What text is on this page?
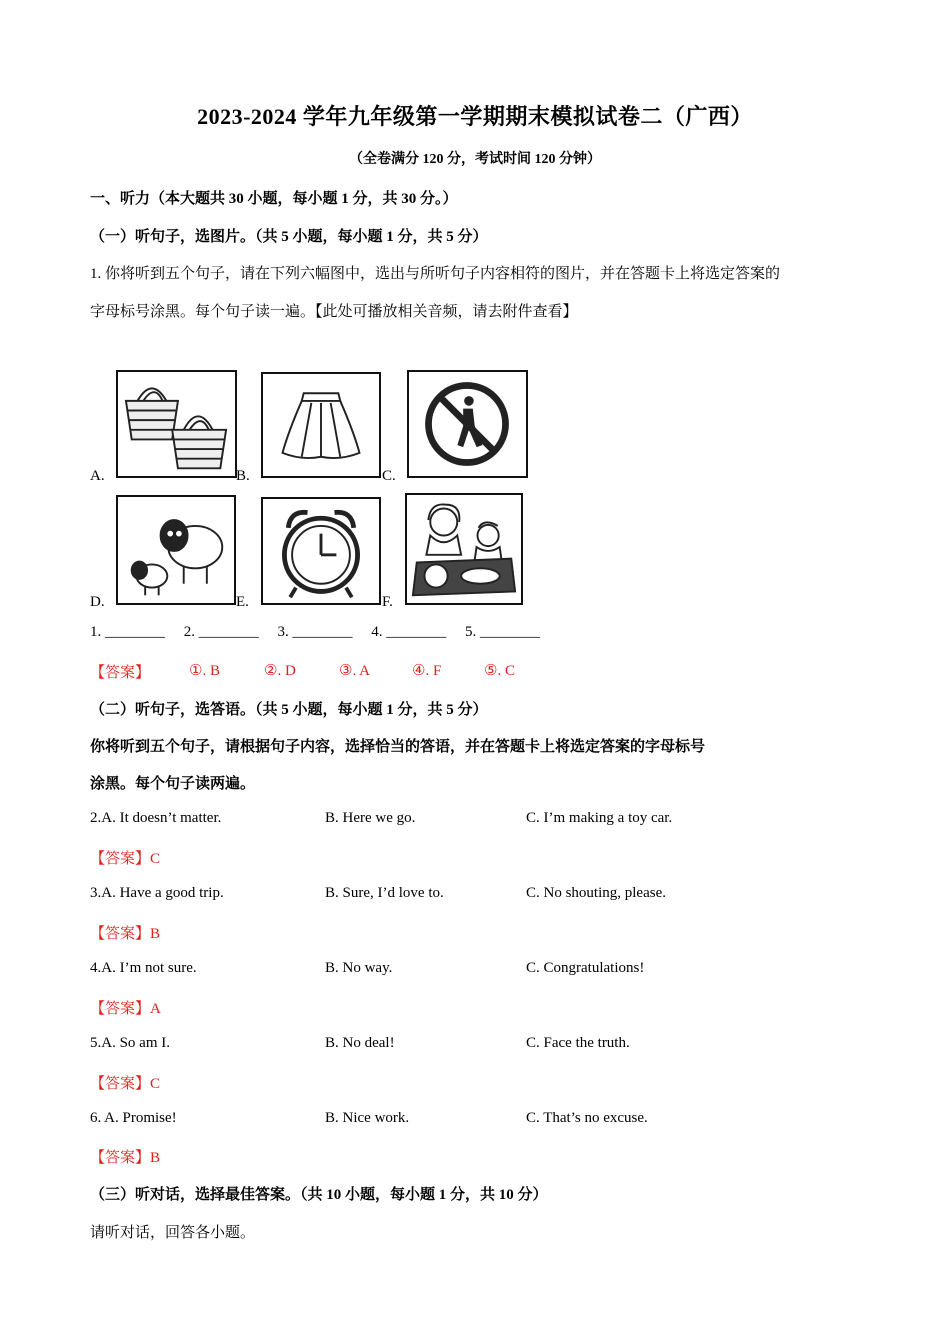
2023-2024 学年九年级第一学期期末模拟试卷二（广西）
（全卷满分 120 分，考试时间 120 分钟）
一、听力（本大题共 30 小题，每小题 1 分，共 30 分。）
（一）听句子，选图片。（共 5 小题，每小题 1 分，共 5 分）
1. 你将听到五个句子，请在下列六幅图中，选出与所听句子内容相符的图片，并在答题卡上将选定答案的
字母标号涂黑。每个句子读一遍。【此处可播放相关音频，请去附件查看】
A.	B.	C.
D.	E.	F.
1. ________     2. ________     3. ________     4. ________     5. ________
【答案】	①. B	②. D	③. A	④. F	⑤. C
（二）听句子，选答语。（共 5 小题，每小题 1 分，共 5 分）
你将听到五个句子，请根据句子内容，选择恰当的答语，并在答题卡上将选定答案的字母标号
涂黑。每个句子读两遍。
2.A. It doesn’t matter.	B. Here we go.	C. I’m making a toy car.
【答案】C
3.A. Have a good trip.	B. Sure, I’d love to.	C. No shouting, please.
【答案】B
4.A. I’m not sure.	B. No way.	C. Congratulations!
【答案】A
5.A. So am I.	B. No deal!	C. Face the truth.
【答案】C
6. A. Promise!	B. Nice work.	C. That’s no excuse.
【答案】B
（三）听对话，选择最佳答案。（共 10 小题，每小题 1 分，共 10 分）
请听对话，回答各小题。
